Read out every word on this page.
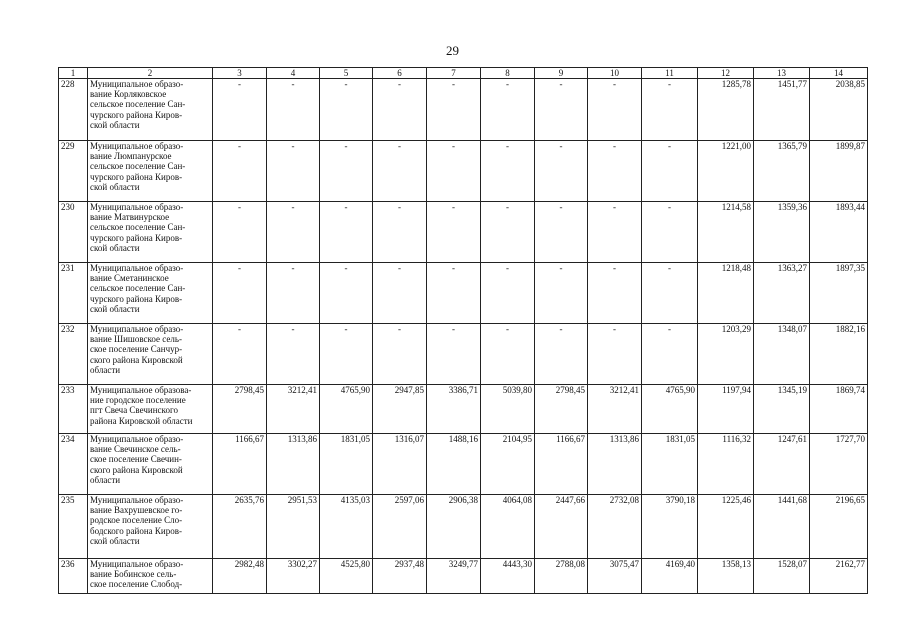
29
1	2	3	4	5	6	7	8	9	10	11	12	13	14
228	Муниципальное образо-
вание Корляковское
сельское поселение Сан-
чурского района Киров-
ской области	-	-	-	-	-	-	-	-	-	1285,78	1451,77	2038,85
229	Муниципальное образо-
вание Люмпанурское
сельское поселение Сан-
чурского района Киров-
ской области	-	-	-	-	-	-	-	-	-	1221,00	1365,79	1899,87
230	Муниципальное образо-
вание Матвинурское
сельское поселение Сан-
чурского района Киров-
ской области	-	-	-	-	-	-	-	-	-	1214,58	1359,36	1893,44
231	Муниципальное образо-
вание Сметанинское
сельское поселение Сан-
чурского района Киров-
ской области	-	-	-	-	-	-	-	-	-	1218,48	1363,27	1897,35
232	Муниципальное образо-
вание Шишовское сель-
ское поселение Санчур-
ского района Кировской
области	-	-	-	-	-	-	-	-	-	1203,29	1348,07	1882,16
233	Муниципальное образова-
ние городское поселение
пгт Свеча Свечинского
района Кировской области	2798,45	3212,41	4765,90	2947,85	3386,71	5039,80	2798,45	3212,41	4765,90	1197,94	1345,19	1869,74
234	Муниципальное образо-
вание Свечинское сель-
ское поселение Свечин-
ского района Кировской
области	1166,67	1313,86	1831,05	1316,07	1488,16	2104,95	1166,67	1313,86	1831,05	1116,32	1247,61	1727,70
235	Муниципальное образо-
вание Вахрушевское го-
родское поселение Сло-
бодского района Киров-
ской области	2635,76	2951,53	4135,03	2597,06	2906,38	4064,08	2447,66	2732,08	3790,18	1225,46	1441,68	2196,65
236	Муниципальное образо-
вание Бобинское сель-
ское поселение Слобод-	2982,48	3302,27	4525,80	2937,48	3249,77	4443,30	2788,08	3075,47	4169,40	1358,13	1528,07	2162,77
